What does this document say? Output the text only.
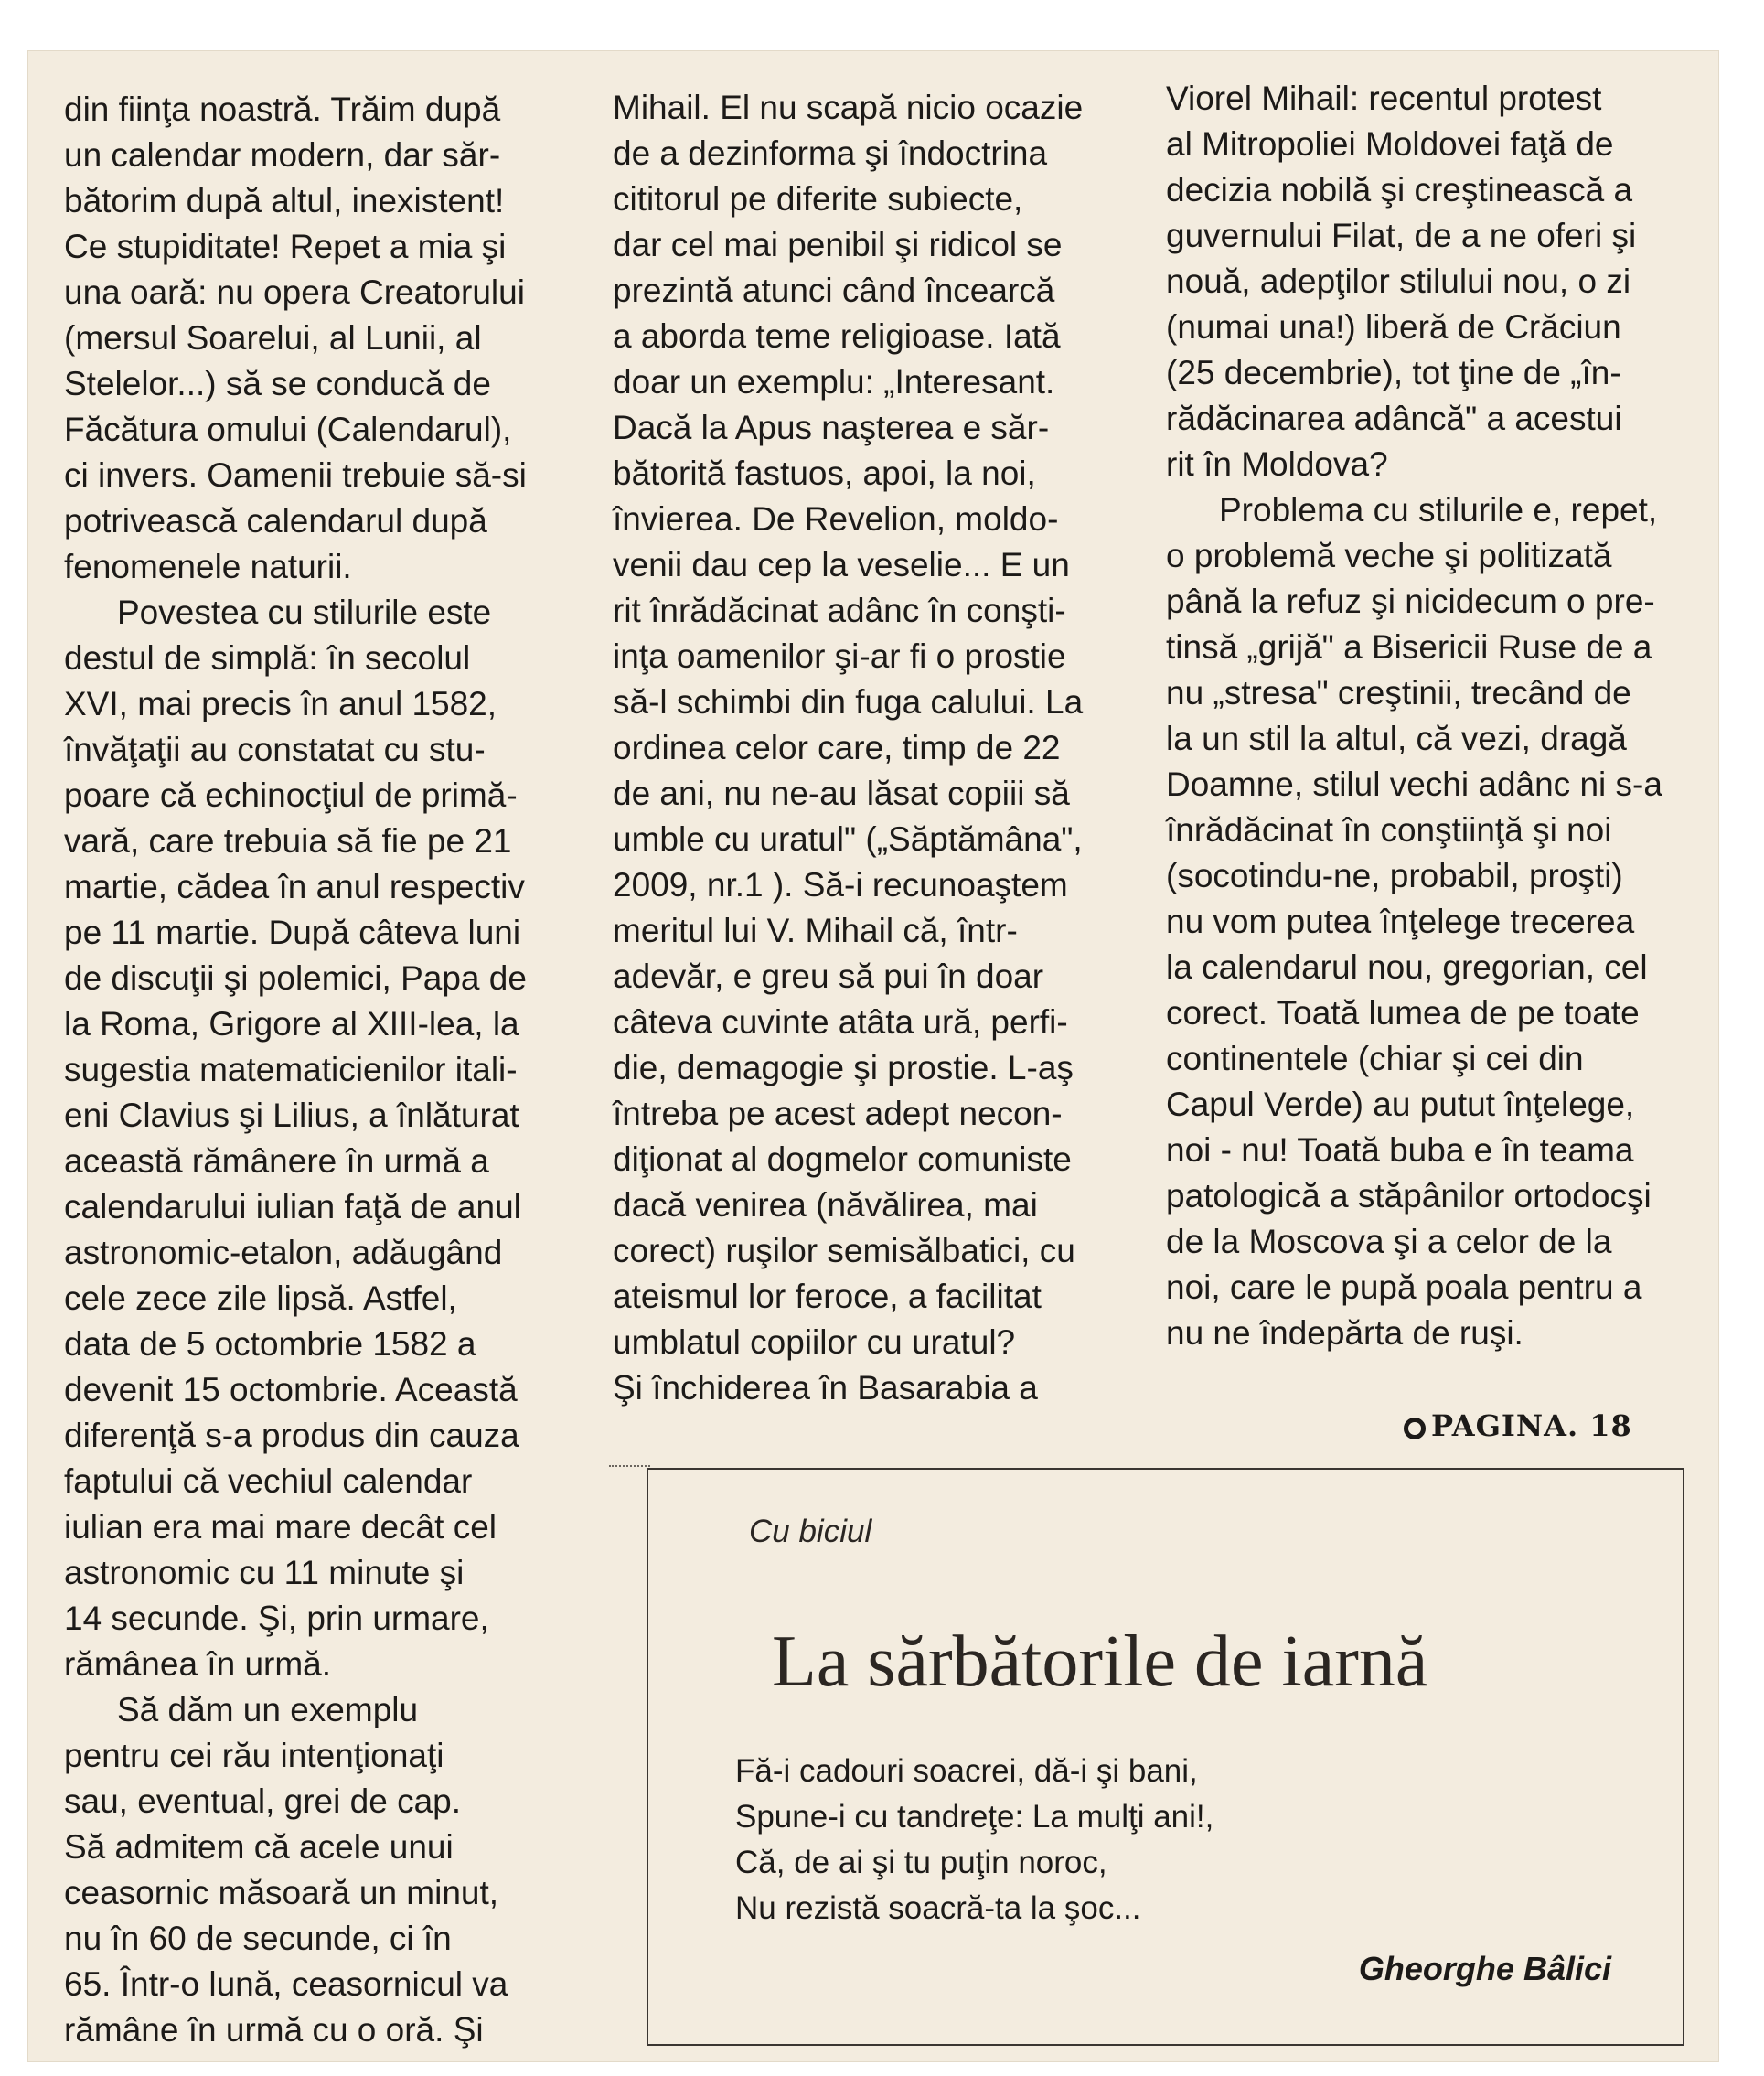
din fiinţa noastră. Trăim după
un calendar modern, dar săr-
bătorim după altul, inexistent!
Ce stupiditate! Repet a mia şi
una oară: nu opera Creatorului
(mersul Soarelui, al Lunii, al
Stelelor...) să se conducă de
Făcătura omului (Calendarul),
ci invers. Oamenii trebuie să-si
potrivească calendarul după
fenomenele naturii.
Povestea cu stilurile este
destul de simplă: în secolul
XVI, mai precis în anul 1582,
învăţaţii au constatat cu stu-
poare că echinocţiul de primă-
vară, care trebuia să fie pe 21
martie, cădea în anul respectiv
pe 11 martie. După câteva luni
de discuţii şi polemici, Papa de
la Roma, Grigore al XIII-lea, la
sugestia matematicienilor itali-
eni Clavius şi Lilius, a înlăturat
această rămânere în urmă a
calendarului iulian faţă de anul
astronomic-etalon, adăugând
cele zece zile lipsă. Astfel,
data de 5 octombrie 1582 a
devenit 15 octombrie. Această
diferenţă s-a produs din cauza
faptului că vechiul calendar
iulian era mai mare decât cel
astronomic cu 11 minute şi
14 secunde. Şi, prin urmare,
rămânea în urmă.
Să dăm un exemplu
pentru cei rău intenţionaţi
sau, eventual, grei de cap.
Să admitem că acele unui
ceasornic măsoară un minut,
nu în 60 de secunde, ci în
65. Într-o lună, ceasornicul va
rămâne în urmă cu o oră. Şi
Mihail. El nu scapă nicio ocazie
de a dezinforma şi îndoctrina
cititorul pe diferite subiecte,
dar cel mai penibil şi ridicol se
prezintă atunci când încearcă
a aborda teme religioase. Iată
doar un exemplu: „Interesant.
Dacă la Apus naşterea e săr-
bătorită fastuos, apoi, la noi,
învierea. De Revelion, moldo-
venii dau cep la veselie... E un
rit înrădăcinat adânc în conşti-
inţa oamenilor şi-ar fi o prostie
să-l schimbi din fuga calului. La
ordinea celor care, timp de 22
de ani, nu ne-au lăsat copiii să
umble cu uratul" („Săptămâna",
2009, nr.1 ). Să-i recunoaştem
meritul lui V. Mihail că, într-
adevăr, e greu să pui în doar
câteva cuvinte atâta ură, perfi-
die, demagogie şi prostie. L-aş
întreba pe acest adept necon-
diţionat al dogmelor comuniste
dacă venirea (năvălirea, mai
corect) ruşilor semisălbatici, cu
ateismul lor feroce, a facilitat
umblatul copiilor cu uratul?
Şi închiderea în Basarabia a
Viorel Mihail: recentul protest
al Mitropoliei Moldovei faţă de
decizia nobilă şi creştinească a
guvernului Filat, de a ne oferi şi
nouă, adepţilor stilului nou, o zi
(numai una!) liberă de Crăciun
(25 decembrie), tot ţine de „în-
rădăcinarea adâncă" a acestui
rit în Moldova?
Problema cu stilurile e, repet,
o problemă veche şi politizată
până la refuz şi nicidecum o pre-
tinsă „grijă" a Bisericii Ruse de a
nu „stresa" creştinii, trecând de
la un stil la altul, că vezi, dragă
Doamne, stilul vechi adânc ni s-a
înrădăcinat în conştiinţă şi noi
(socotindu-ne, probabil, proşti)
nu vom putea înţelege trecerea
la calendarul nou, gregorian, cel
corect. Toată lumea de pe toate
continentele (chiar şi cei din
Capul Verde) au putut înţelege,
noi - nu! Toată buba e în teama
patologică a stăpânilor ortodocşi
de la Moscova şi a celor de la
noi, care le pupă poala pentru a
nu ne îndepărta de ruşi.
PAGINA. 18
Cu biciul
La sărbătorile de iarnă
Fă-i cadouri soacrei, dă-i şi bani,
Spune-i cu tandreţe: La mulţi ani!,
Că, de ai şi tu puţin noroc,
Nu rezistă soacră-ta la şoc...
Gheorghe Bâlici
